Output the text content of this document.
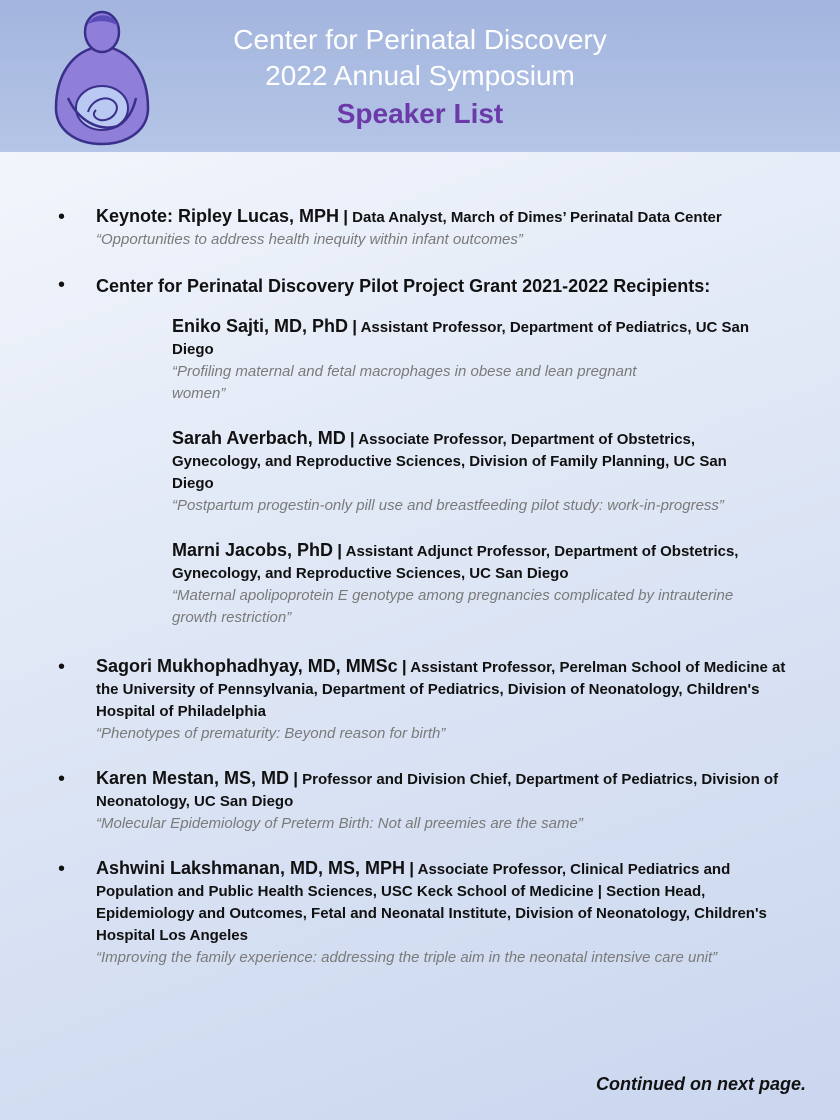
Center for Perinatal Discovery
2022 Annual Symposium
Speaker List
• Keynote: Ripley Lucas, MPH | Data Analyst, March of Dimes’ Perinatal Data Center
“Opportunities to address health inequity within infant outcomes”
• Center for Perinatal Discovery Pilot Project Grant 2021-2022 Recipients:
Eniko Sajti, MD, PhD | Assistant Professor, Department of Pediatrics, UC San Diego
“Profiling maternal and fetal macrophages in obese and lean pregnant women”
Sarah Averbach, MD | Associate Professor, Department of Obstetrics, Gynecology, and Reproductive Sciences, Division of Family Planning, UC San Diego
“Postpartum progestin-only pill use and breastfeeding pilot study: work-in-progress”
Marni Jacobs, PhD | Assistant Adjunct Professor, Department of Obstetrics, Gynecology, and Reproductive Sciences, UC San Diego
“Maternal apolipoprotein E genotype among pregnancies complicated by intrauterine growth restriction”
• Sagori Mukhophadhyay, MD, MMSc | Assistant Professor, Perelman School of Medicine at the University of Pennsylvania, Department of Pediatrics, Division of Neonatology, Children's Hospital of Philadelphia
“Phenotypes of prematurity: Beyond reason for birth”
• Karen Mestan, MS, MD | Professor and Division Chief, Department of Pediatrics, Division of Neonatology, UC San Diego
“Molecular Epidemiology of Preterm Birth: Not all preemies are the same”
• Ashwini Lakshmanan, MD, MS, MPH | Associate Professor, Clinical Pediatrics and Population and Public Health Sciences, USC Keck School of Medicine | Section Head, Epidemiology and Outcomes, Fetal and Neonatal Institute, Division of Neonatology, Children's Hospital Los Angeles
“Improving the family experience: addressing the triple aim in the neonatal intensive care unit”
Continued on next page.
